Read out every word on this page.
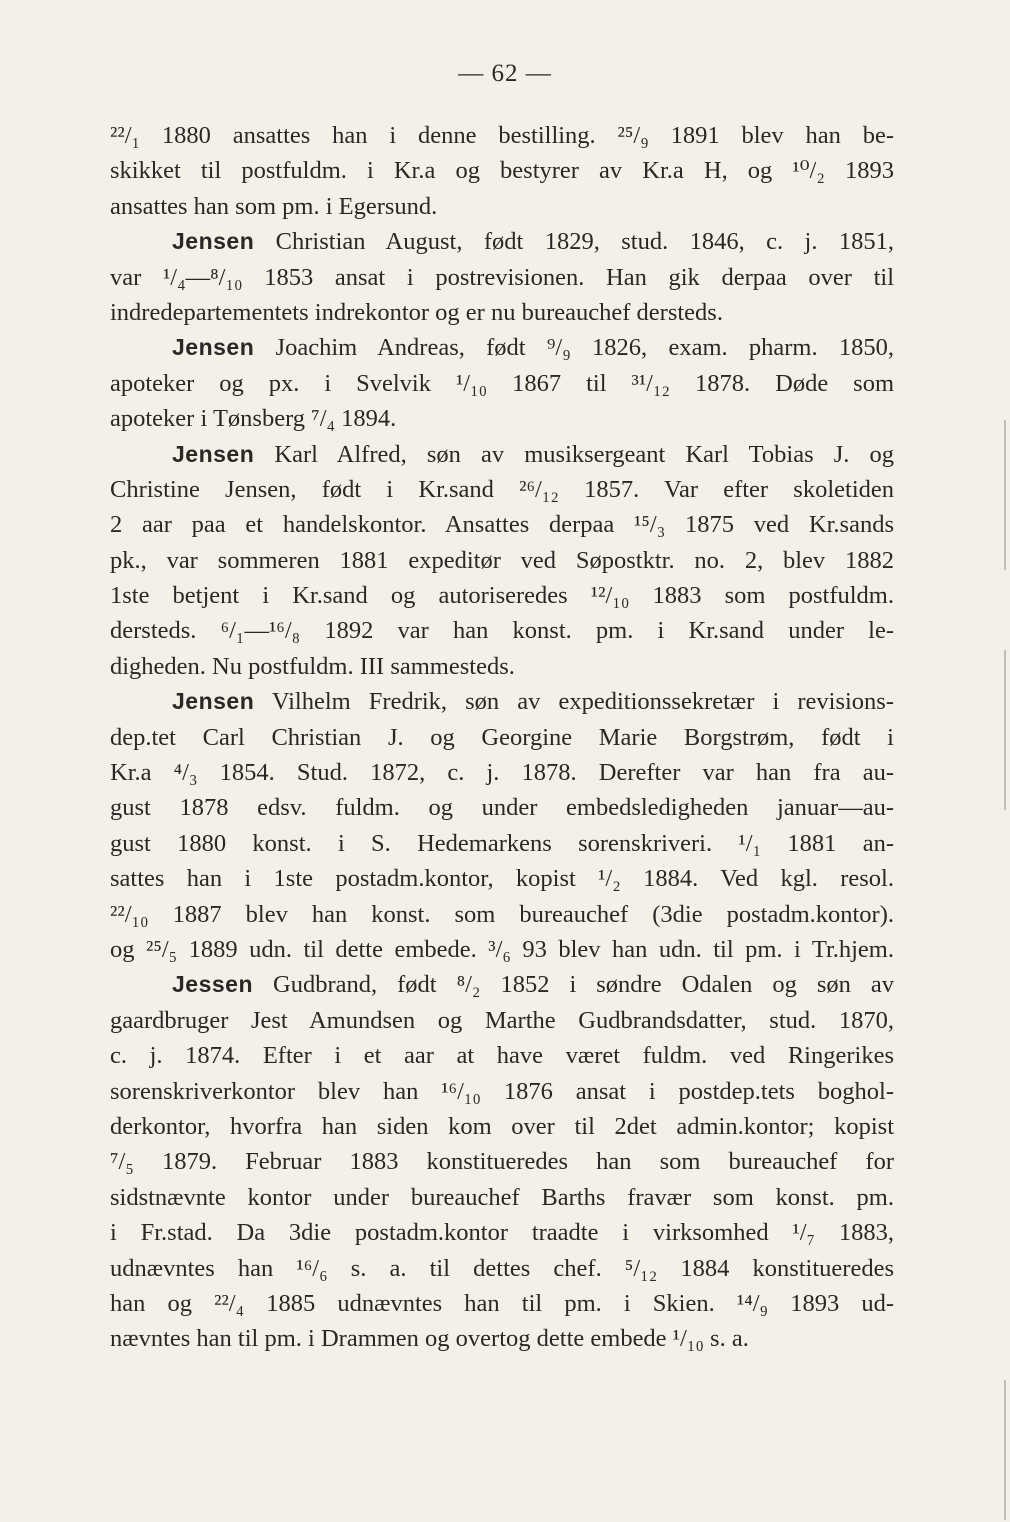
— 62 —
²²/₁ 1880 ansattes han i denne bestilling. ²⁵/₉ 1891 blev han be-
skikket til postfuldm. i Kr.a og bestyrer av Kr.a H, og ¹⁰/₂ 1893
ansattes han som pm. i Egersund.
Jensen Christian August, født 1829, stud. 1846, c. j. 1851,
var ¹/₄—⁸/₁₀ 1853 ansat i postrevisionen. Han gik derpaa over til
indredepartementets indrekontor og er nu bureauchef dersteds.
Jensen Joachim Andreas, født ⁹/₉ 1826, exam. pharm. 1850,
apoteker og px. i Svelvik ¹/₁₀ 1867 til ³¹/₁₂ 1878. Døde som
apoteker i Tønsberg ⁷/₄ 1894.
Jensen Karl Alfred, søn av musiksergeant Karl Tobias J. og
Christine Jensen, født i Kr.sand ²⁶/₁₂ 1857. Var efter skoletiden
2 aar paa et handelskontor. Ansattes derpaa ¹⁵/₃ 1875 ved Kr.sands
pk., var sommeren 1881 expeditør ved Søpostktr. no. 2, blev 1882
1ste betjent i Kr.sand og autoriseredes ¹²/₁₀ 1883 som postfuldm.
dersteds. ⁶/₁—¹⁶/₈ 1892 var han konst. pm. i Kr.sand under le-
digheden. Nu postfuldm. III sammesteds.
Jensen Vilhelm Fredrik, søn av expeditionssekretær i revisions-
dep.tet Carl Christian J. og Georgine Marie Borgstrøm, født i
Kr.a ⁴/₃ 1854. Stud. 1872, c. j. 1878. Derefter var han fra au-
gust 1878 edsv. fuldm. og under embedsledigheden januar—au-
gust 1880 konst. i S. Hedemarkens sorenskriveri. ¹/₁ 1881 an-
sattes han i 1ste postadm.kontor, kopist ¹/₂ 1884. Ved kgl. resol.
²²/₁₀ 1887 blev han konst. som bureauchef (3die postadm.kontor).
og ²⁵/₅ 1889 udn. til dette embede. ³/₆ 93 blev han udn. til pm. i Tr.hjem.
Jessen Gudbrand, født ⁸/₂ 1852 i søndre Odalen og søn av
gaardbruger Jest Amundsen og Marthe Gudbrandsdatter, stud. 1870,
c. j. 1874. Efter i et aar at have været fuldm. ved Ringerikes
sorenskriverkontor blev han ¹⁶/₁₀ 1876 ansat i postdep.tets boghol-
derkontor, hvorfra han siden kom over til 2det admin.kontor; kopist
⁷/₅ 1879. Februar 1883 konstitueredes han som bureauchef for
sidstnævnte kontor under bureauchef Barths fravær som konst. pm.
i Fr.stad. Da 3die postadm.kontor traadte i virksomhed ¹/₇ 1883,
udnævntes han ¹⁶/₆ s. a. til dettes chef. ⁵/₁₂ 1884 konstitueredes
han og ²²/₄ 1885 udnævntes han til pm. i Skien. ¹⁴/₉ 1893 ud-
nævntes han til pm. i Drammen og overtog dette embede ¹/₁₀ s. a.
